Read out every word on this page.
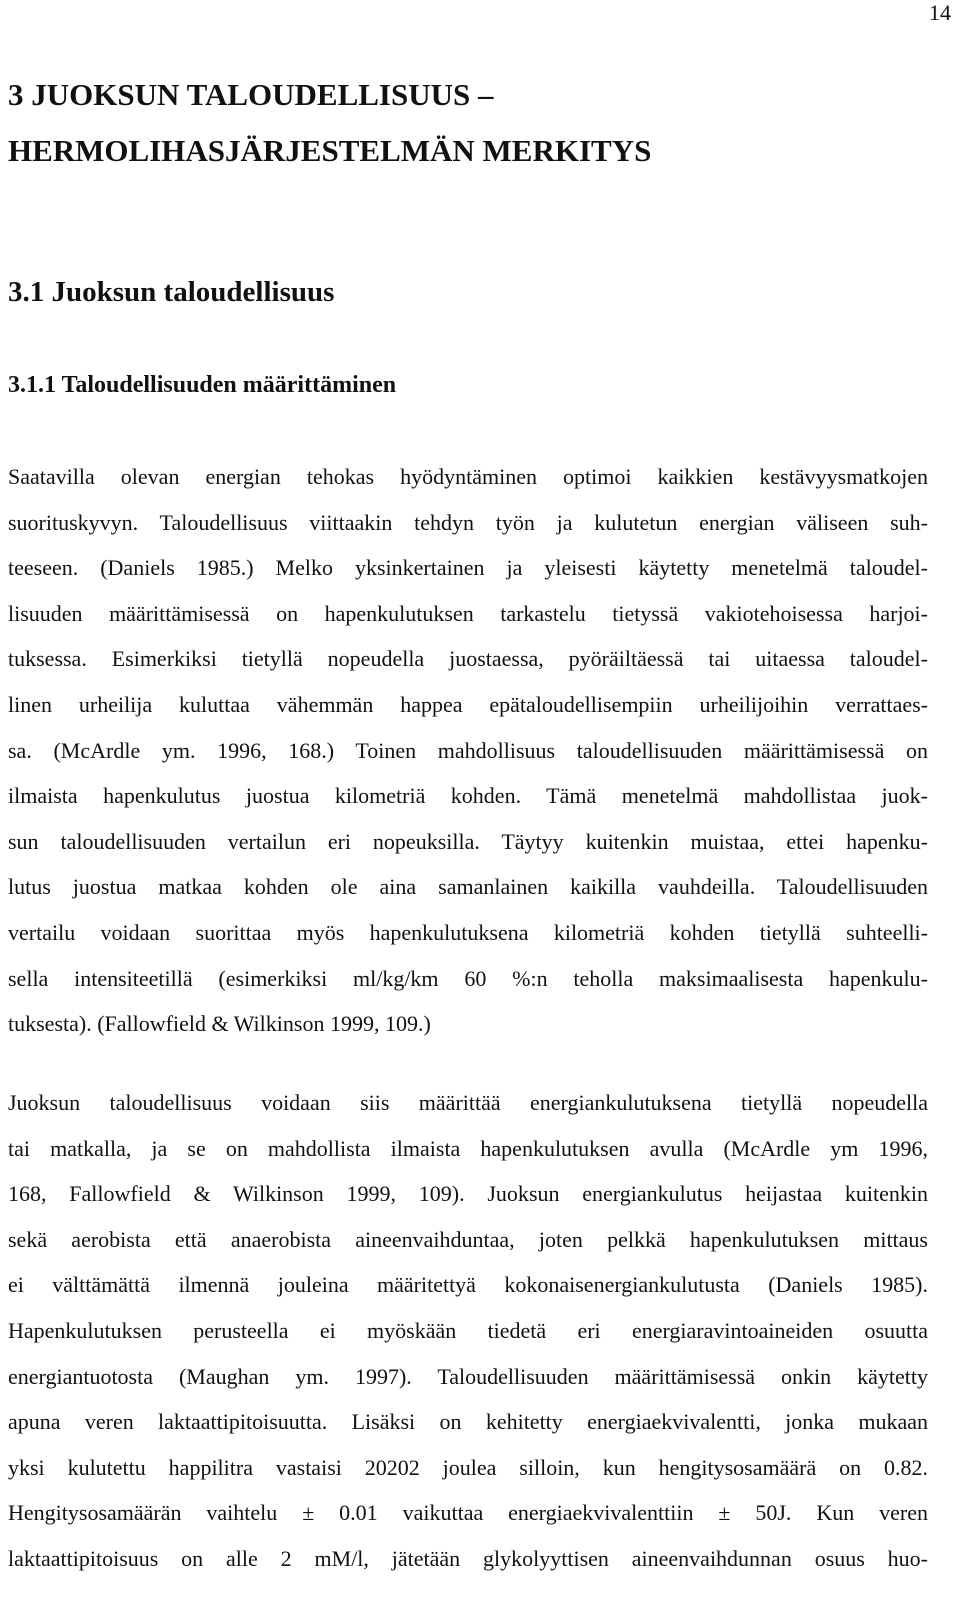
14
3 JUOKSUN TALOUDELLISUUS –
HERMOLIHASJÄRJESTELMÄN MERKITYS
3.1 Juoksun taloudellisuus
3.1.1 Taloudellisuuden määrittäminen

Saatavilla olevan energian tehokas hyödyntäminen optimoi kaikkien kestävyysmatkojen
suorituskyvyn. Taloudellisuus viittaakin tehdyn työn ja kulutetun energian väliseen suh-
teeseen. (Daniels 1985.) Melko yksinkertainen ja yleisesti käytetty menetelmä taloudel-
lisuuden määrittämisessä on hapenkulutuksen tarkastelu tietyssä vakiotehoisessa harjoi-
tuksessa. Esimerkiksi tietyllä nopeudella juostaessa, pyöräiltäessä tai uitaessa taloudel-
linen urheilija kuluttaa vähemmän happea epätaloudellisempiin urheilijoihin verrattaes-
sa. (McArdle ym. 1996, 168.) Toinen mahdollisuus taloudellisuuden määrittämisessä on
ilmaista hapenkulutus juostua kilometriä kohden. Tämä menetelmä mahdollistaa juok-
sun taloudellisuuden vertailun eri nopeuksilla. Täytyy kuitenkin muistaa, ettei hapenku-
lutus juostua matkaa kohden ole aina samanlainen kaikilla vauhdeilla. Taloudellisuuden
vertailu voidaan suorittaa myös hapenkulutuksena kilometriä kohden tietyllä suhteelli-
sella intensiteetillä (esimerkiksi ml/kg/km 60 %:n teholla maksimaalisesta hapenkulu-
tuksesta). (Fallowfield & Wilkinson 1999, 109.)

Juoksun taloudellisuus voidaan siis määrittää energiankulutuksena tietyllä nopeudella
tai matkalla, ja se on mahdollista ilmaista hapenkulutuksen avulla (McArdle ym 1996,
168, Fallowfield & Wilkinson 1999, 109). Juoksun energiankulutus heijastaa kuitenkin
sekä aerobista että anaerobista aineenvaihduntaa, joten pelkkä hapenkulutuksen mittaus
ei välttämättä ilmennä jouleina määritettyä kokonaisenergiankulutusta (Daniels 1985).
Hapenkulutuksen perusteella ei myöskään tiedetä eri energiaravintoaineiden osuutta
energiantuotosta (Maughan ym. 1997). Taloudellisuuden määrittämisessä onkin käytetty
apuna veren laktaattipitoisuutta. Lisäksi on kehitetty energiaekvivalentti, jonka mukaan
yksi kulutettu happilitra vastaisi 20202 joulea silloin, kun hengitysosamäärä on 0.82.
Hengitysosamäärän vaihtelu ± 0.01 vaikuttaa energiaekvivalenttiin ± 50J. Kun veren
laktaattipitoisuus on alle 2 mM/l, jätetään glykolyyttisen aineenvaihdunnan osuus huo-
